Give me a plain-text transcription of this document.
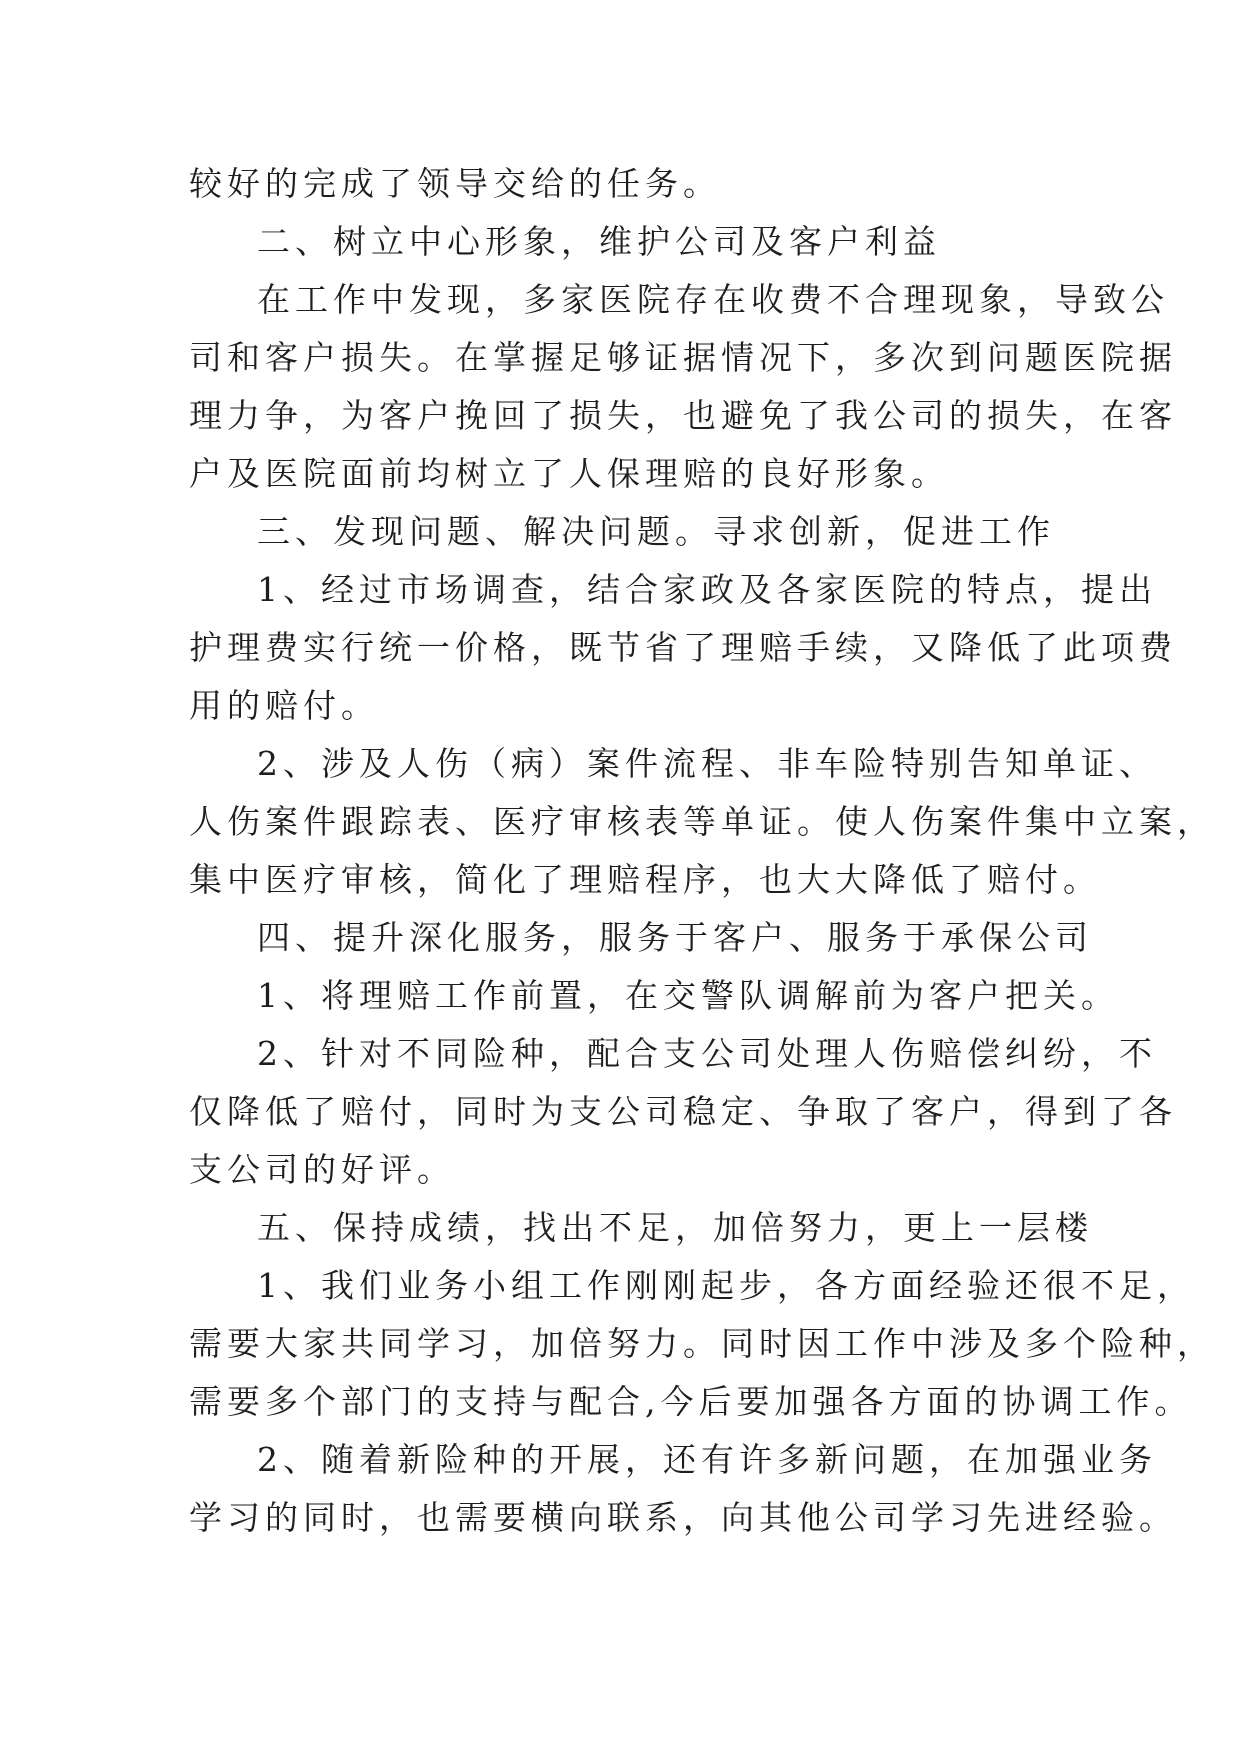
较好的完成了领导交给的任务。
二、树立中心形象，维护公司及客户利益
在工作中发现，多家医院存在收费不合理现象，导致公
司和客户损失。在掌握足够证据情况下，多次到问题医院据
理力争，为客户挽回了损失，也避免了我公司的损失，在客
户及医院面前均树立了人保理赔的良好形象。
三、发现问题、解决问题。寻求创新，促进工作
1、经过市场调查，结合家政及各家医院的特点，提出
护理费实行统一价格，既节省了理赔手续，又降低了此项费
用的赔付。
2、涉及人伤（病）案件流程、非车险特别告知单证、
人伤案件跟踪表、医疗审核表等单证。使人伤案件集中立案，
集中医疗审核，简化了理赔程序，也大大降低了赔付。
四、提升深化服务，服务于客户、服务于承保公司
1、将理赔工作前置，在交警队调解前为客户把关。
2、针对不同险种，配合支公司处理人伤赔偿纠纷，不
仅降低了赔付，同时为支公司稳定、争取了客户，得到了各
支公司的好评。
五、保持成绩，找出不足，加倍努力，更上一层楼
1、我们业务小组工作刚刚起步，各方面经验还很不足，
需要大家共同学习，加倍努力。同时因工作中涉及多个险种，
需要多个部门的支持与配合,今后要加强各方面的协调工作。
2、随着新险种的开展，还有许多新问题，在加强业务
学习的同时，也需要横向联系，向其他公司学习先进经验。
